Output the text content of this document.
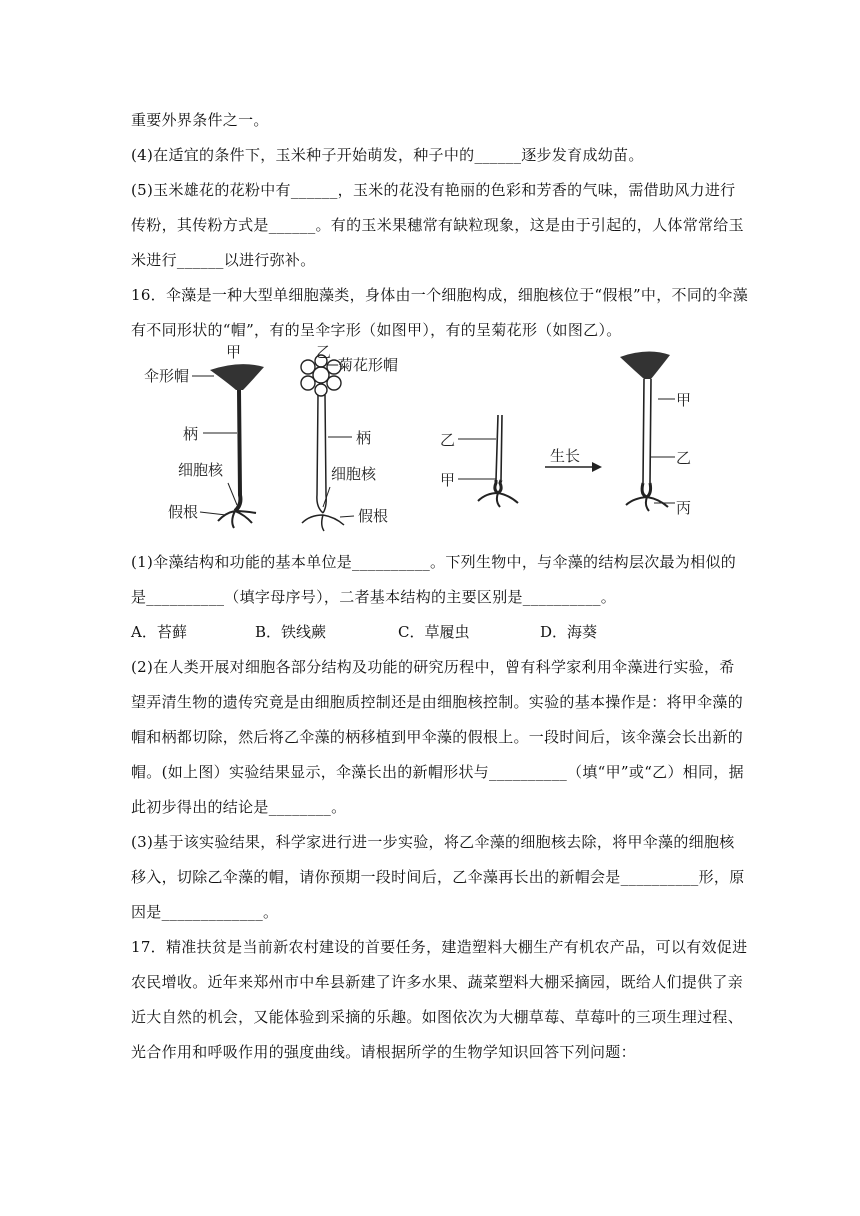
重要外界条件之一。
(4)在适宜的条件下，玉米种子开始萌发，种子中的______逐步发育成幼苗。
(5)玉米雄花的花粉中有______，玉米的花没有艳丽的色彩和芳香的气味，需借助风力进行
传粉，其传粉方式是______。有的玉米果穗常有缺粒现象，这是由于引起的，人体常常给玉
米进行______以进行弥补。
16．伞藻是一种大型单细胞藻类，身体由一个细胞构成，细胞核位于“假根”中，不同的伞藻
有不同形状的“帽”，有的呈伞字形（如图甲），有的呈菊花形（如图乙）。
甲
伞形帽
柄
细胞核
假根
乙
菊花形帽
柄
细胞核
假根
乙
甲
生长
甲
乙
丙
(1)伞藻结构和功能的基本单位是__________。下列生物中，与伞藻的结构层次最为相似的
是__________（填字母序号），二者基本结构的主要区别是__________。
A．苔藓	B．铁线蕨	C．草履虫	D．海葵
(2)在人类开展对细胞各部分结构及功能的研究历程中，曾有科学家利用伞藻进行实验，希
望弄清生物的遗传究竟是由细胞质控制还是由细胞核控制。实验的基本操作是：将甲伞藻的
帽和柄都切除，然后将乙伞藻的柄移植到甲伞藻的假根上。一段时间后，该伞藻会长出新的
帽。(如上图）实验结果显示，伞藻长出的新帽形状与__________（填“甲”或“乙）相同，据
此初步得出的结论是________。
(3)基于该实验结果，科学家进行进一步实验，将乙伞藻的细胞核去除，将甲伞藻的细胞核
移入，切除乙伞藻的帽，请你预期一段时间后，乙伞藻再长出的新帽会是__________形，原
因是_____________。
17．精准扶贫是当前新农村建设的首要任务，建造塑料大棚生产有机农产品，可以有效促进
农民增收。近年来郑州市中牟县新建了许多水果、蔬菜塑料大棚采摘园，既给人们提供了亲
近大自然的机会，又能体验到采摘的乐趣。如图依次为大棚草莓、草莓叶的三项生理过程、
光合作用和呼吸作用的强度曲线。请根据所学的生物学知识回答下列问题：
